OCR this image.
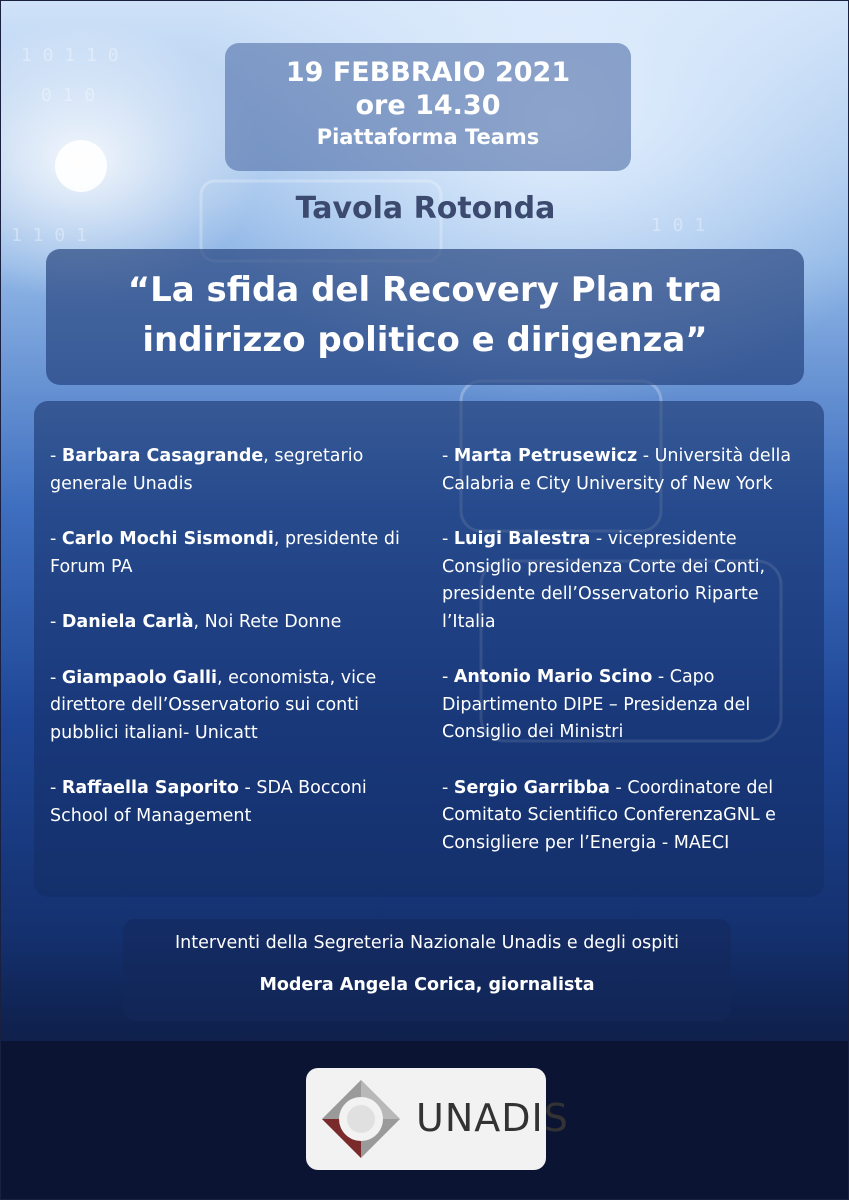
1 0 1 1 0
0 1 0
1 1 0 1	1 0 1
19 FEBBRAIO 2021
ore 14.30
Piattaforma Teams
Tavola Rotonda
“La sfida del Recovery Plan tra
indirizzo politico e dirigenza”
- Barbara Casagrande, segretario generale Unadis
- Carlo Mochi Sismondi, presidente di Forum PA
- Daniela Carlà, Noi Rete Donne
- Giampaolo Galli, economista, vice direttore dell’Osservatorio sui conti pubblici italiani- Unicatt
- Raffaella Saporito - SDA Bocconi School of Management
- Marta Petrusewicz - Università della Calabria e City University of New York
- Luigi Balestra - vicepresidente Consiglio presidenza Corte dei Conti, presidente dell’Osservatorio Riparte l’Italia
- Antonio Mario Scino - Capo Dipartimento DIPE – Presidenza del Consiglio dei Ministri
- Sergio Garribba - Coordinatore del Comitato Scientifico ConferenzaGNL e Consigliere per l’Energia - MAECI
Interventi della Segreteria Nazionale Unadis e degli ospiti
Modera Angela Corica, giornalista
UNADIS
